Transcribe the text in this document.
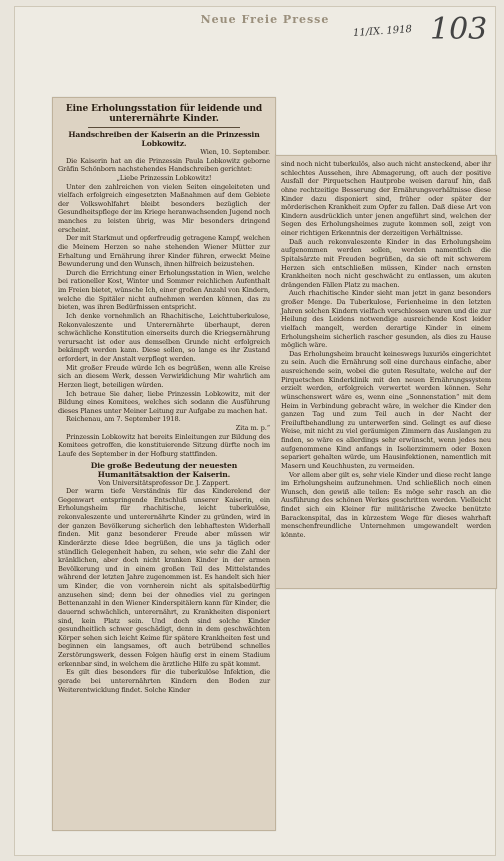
Neue Freie Presse
11/IX. 1918 103
Eine Erholungsstation für leidende und unterernährte Kinder.
Handschreiben der Kaiserin an die Prinzessin Lobkowitz.
Wien, 10. September.
Die Kaiserin hat an die Prinzessin Paula Lobkowitz geborne Gräfin Schönborn nachstehendes Handschreiben gerichtet:
„Liebe Prinzessin Lobkowitz!
Unter den zahlreichen von vielen Seiten eingeleiteten und vielfach erfolgreich eingesetzten Maßnahmen auf dem Gebiete der Volkswohlfahrt bleibt besonders bezüglich der Gesundheitspflege der im Kriege heranwachsenden Jugend noch manches zu leisten übrig, was Mir besonders dringend erscheint.
Der mit Starkmut und opferfreudig getragene Kampf, welchen die Meinem Herzen so nahe stehenden Wiener Mütter zur Erhaltung und Ernährung ihrer Kinder führen, erweckt Meine Bewunderung und den Wunsch, ihnen hilfreich beizustehen.
Durch die Errichtung einer Erholungsstation in Wien, welche bei rationeller Kost, Winter und Sommer reichlichen Aufenthalt im Freien bietet, wünsche Ich, einer großen Anzahl von Kindern, welche die Spitäler nicht aufnehmen werden können, das zu bieten, was ihren Bedürfnissen entspricht.
Ich denke vornehmlich an Rhachitische, Leichttuberkulose, Rekonvaleszente und Unterernährte überhaupt, deren schwächliche Konstitution einerseits durch die Kriegsernährung verursacht ist oder aus demselben Grunde nicht erfolgreich bekämpft werden kann. Diese sollen, so lange es ihr Zustand erfordert, in der Anstalt verpflegt werden.
Mit großer Freude würde Ich es begrüßen, wenn alle Kreise sich an diesem Werk, dessen Verwirklichung Mir wahrlich am Herzen liegt, beteiligen würden.
Ich betraue Sie daher, liebe Prinzessin Lobkowitz, mit der Bildung eines Komitees, welches sich sodann die Ausführung dieses Planes unter Meiner Leitung zur Aufgabe zu machen hat.
Reichenau, am 7. September 1918.
Zita m. p.“
Prinzessin Lobkowitz hat bereits Einleitungen zur Bildung des Komitees getroffen, die konstituierende Sitzung dürfte noch im Laufe des September in der Hofburg stattfinden.
Die große Bedeutung der neuesten Humanitätsaktion der Kaiserin.
Von Universitätsprofessor Dr. J. Zappert.
Der warm tiefe Verständnis für das Kinderelend der Gegenwart entspringende Entschluß unserer Kaiserin, ein Erholungsheim für rhachitische, leicht tuberkulöse, rekonvaleszente und unterernährte Kinder zu gründen, wird in der ganzen Bevölkerung sicherlich den lebhaftesten Widerhall finden. Mit ganz besonderer Freude aber müssen wir Kinderärzte diese Idee begrüßen, die uns ja täglich oder stündlich Gelegenheit haben, zu sehen, wie sehr die Zahl der kränklichen, aber doch nicht kranken Kinder in der armen Bevölkerung und in einem großen Teil des Mittelstandes während der letzten Jahre zugenommen ist. Es handelt sich hier um Kinder, die von vornherein nicht als spitalsbedürftig anzusehen sind; denn bei der ohnedies viel zu geringen Bettenanzahl in den Wiener Kinderspitälern kann für Kinder, die dauernd schwächlich, unterernährt, zu Krankheiten disponiert sind, kein Platz sein. Und doch sind solche Kinder gesundheitlich schwer geschädigt, denn in dem geschwächten Körper sehen sich leicht Keime für spätere Krankheiten fest und beginnen ein langsames, oft auch betrübend schnelles Zerstörungswerk, dessen Folgen häufig erst in einem Stadium erkennbar sind, in welchem die ärztliche Hilfe zu spät kommt.
Es gilt dies besonders für die tuberkulöse Infektion, die gerade bei unterernährten Kindern den Boden zur Weiterentwicklung findet. Solche Kinder
sind noch nicht tuberkulös, also auch nicht ansteckend, aber ihr schlechtes Aussehen, ihre Abmagerung, oft auch der positive Ausfall der Pirquetschen Hautprobe weisen darauf hin, daß ohne rechtzeitige Besserung der Ernährungsverhältnisse diese Kinder dazu disponiert sind, früher oder später der mörderischen Krankheit zum Opfer zu fallen. Daß diese Art von Kindern ausdrücklich unter jenen angeführt sind, welchen der Segen des Erholungsheimes zugute kommen soll, zeigt von einer richtigen Erkenntnis der derzeitigen Verhältnisse.
Daß auch rekonvaleszente Kinder in das Erholungsheim aufgenommen werden sollen, werden namentlich die Spitalsärzte mit Freuden begrüßen, da sie oft mit schwerem Herzen sich entschließen müssen, Kinder nach ernsten Krankheiten noch nicht geschwächt zu entlassen, um akuten drängenden Fällen Platz zu machen.
Auch rhachitische Kinder sieht man jetzt in ganz besonders großer Menge. Da Tuberkulose, Ferienheime in den letzten Jahren solchen Kindern vielfach verschlossen waren und die zur Heilung des Leidens notwendige ausreichende Kost leider vielfach mangelt, werden derartige Kinder in einem Erholungsheim sicherlich rascher gesunden, als dies zu Hause möglich wäre.
Das Erholungsheim braucht keineswegs luxuriös eingerichtet zu sein. Auch die Ernährung soll eine durchaus einfache, aber ausreichende sein, wobei die guten Resultate, welche auf der Pirquetschen Kinderklinik mit den neuen Ernährungssystem erzielt werden, erfolgreich verwertet werden können. Sehr wünschenswert wäre es, wenn eine „Sonnenstation“ mit dem Heim in Verbindung gebracht wäre, in welcher die Kinder den ganzen Tag und zum Teil auch in der Nacht der Freiluftbehandlung zu unterwerfen sind. Gelingt es auf diese Weise, mit nicht zu viel geräumigen Zimmern das Auslangen zu finden, so wäre es allerdings sehr erwünscht, wenn jedes neu aufgenommene Kind anfangs in Isolierzimmern oder Boxen separiert gehalten würde, um Hausinfektionen, namentlich mit Masern und Keuchhusten, zu vermeiden.
Vor allem aber gilt es, sehr viele Kinder und diese recht lange im Erholungsheim aufzunehmen. Und schließlich noch einen Wunsch, den gewiß alle teilen: Es möge sehr rasch an die Ausführung des schönen Werkes geschritten werden. Vielleicht findet sich ein Kleiner für militärische Zwecke benützte Barackenspital, das in kürzestem Wege für dieses wahrhaft menschenfreundliche Unternehmen umgewandelt werden könnte.
